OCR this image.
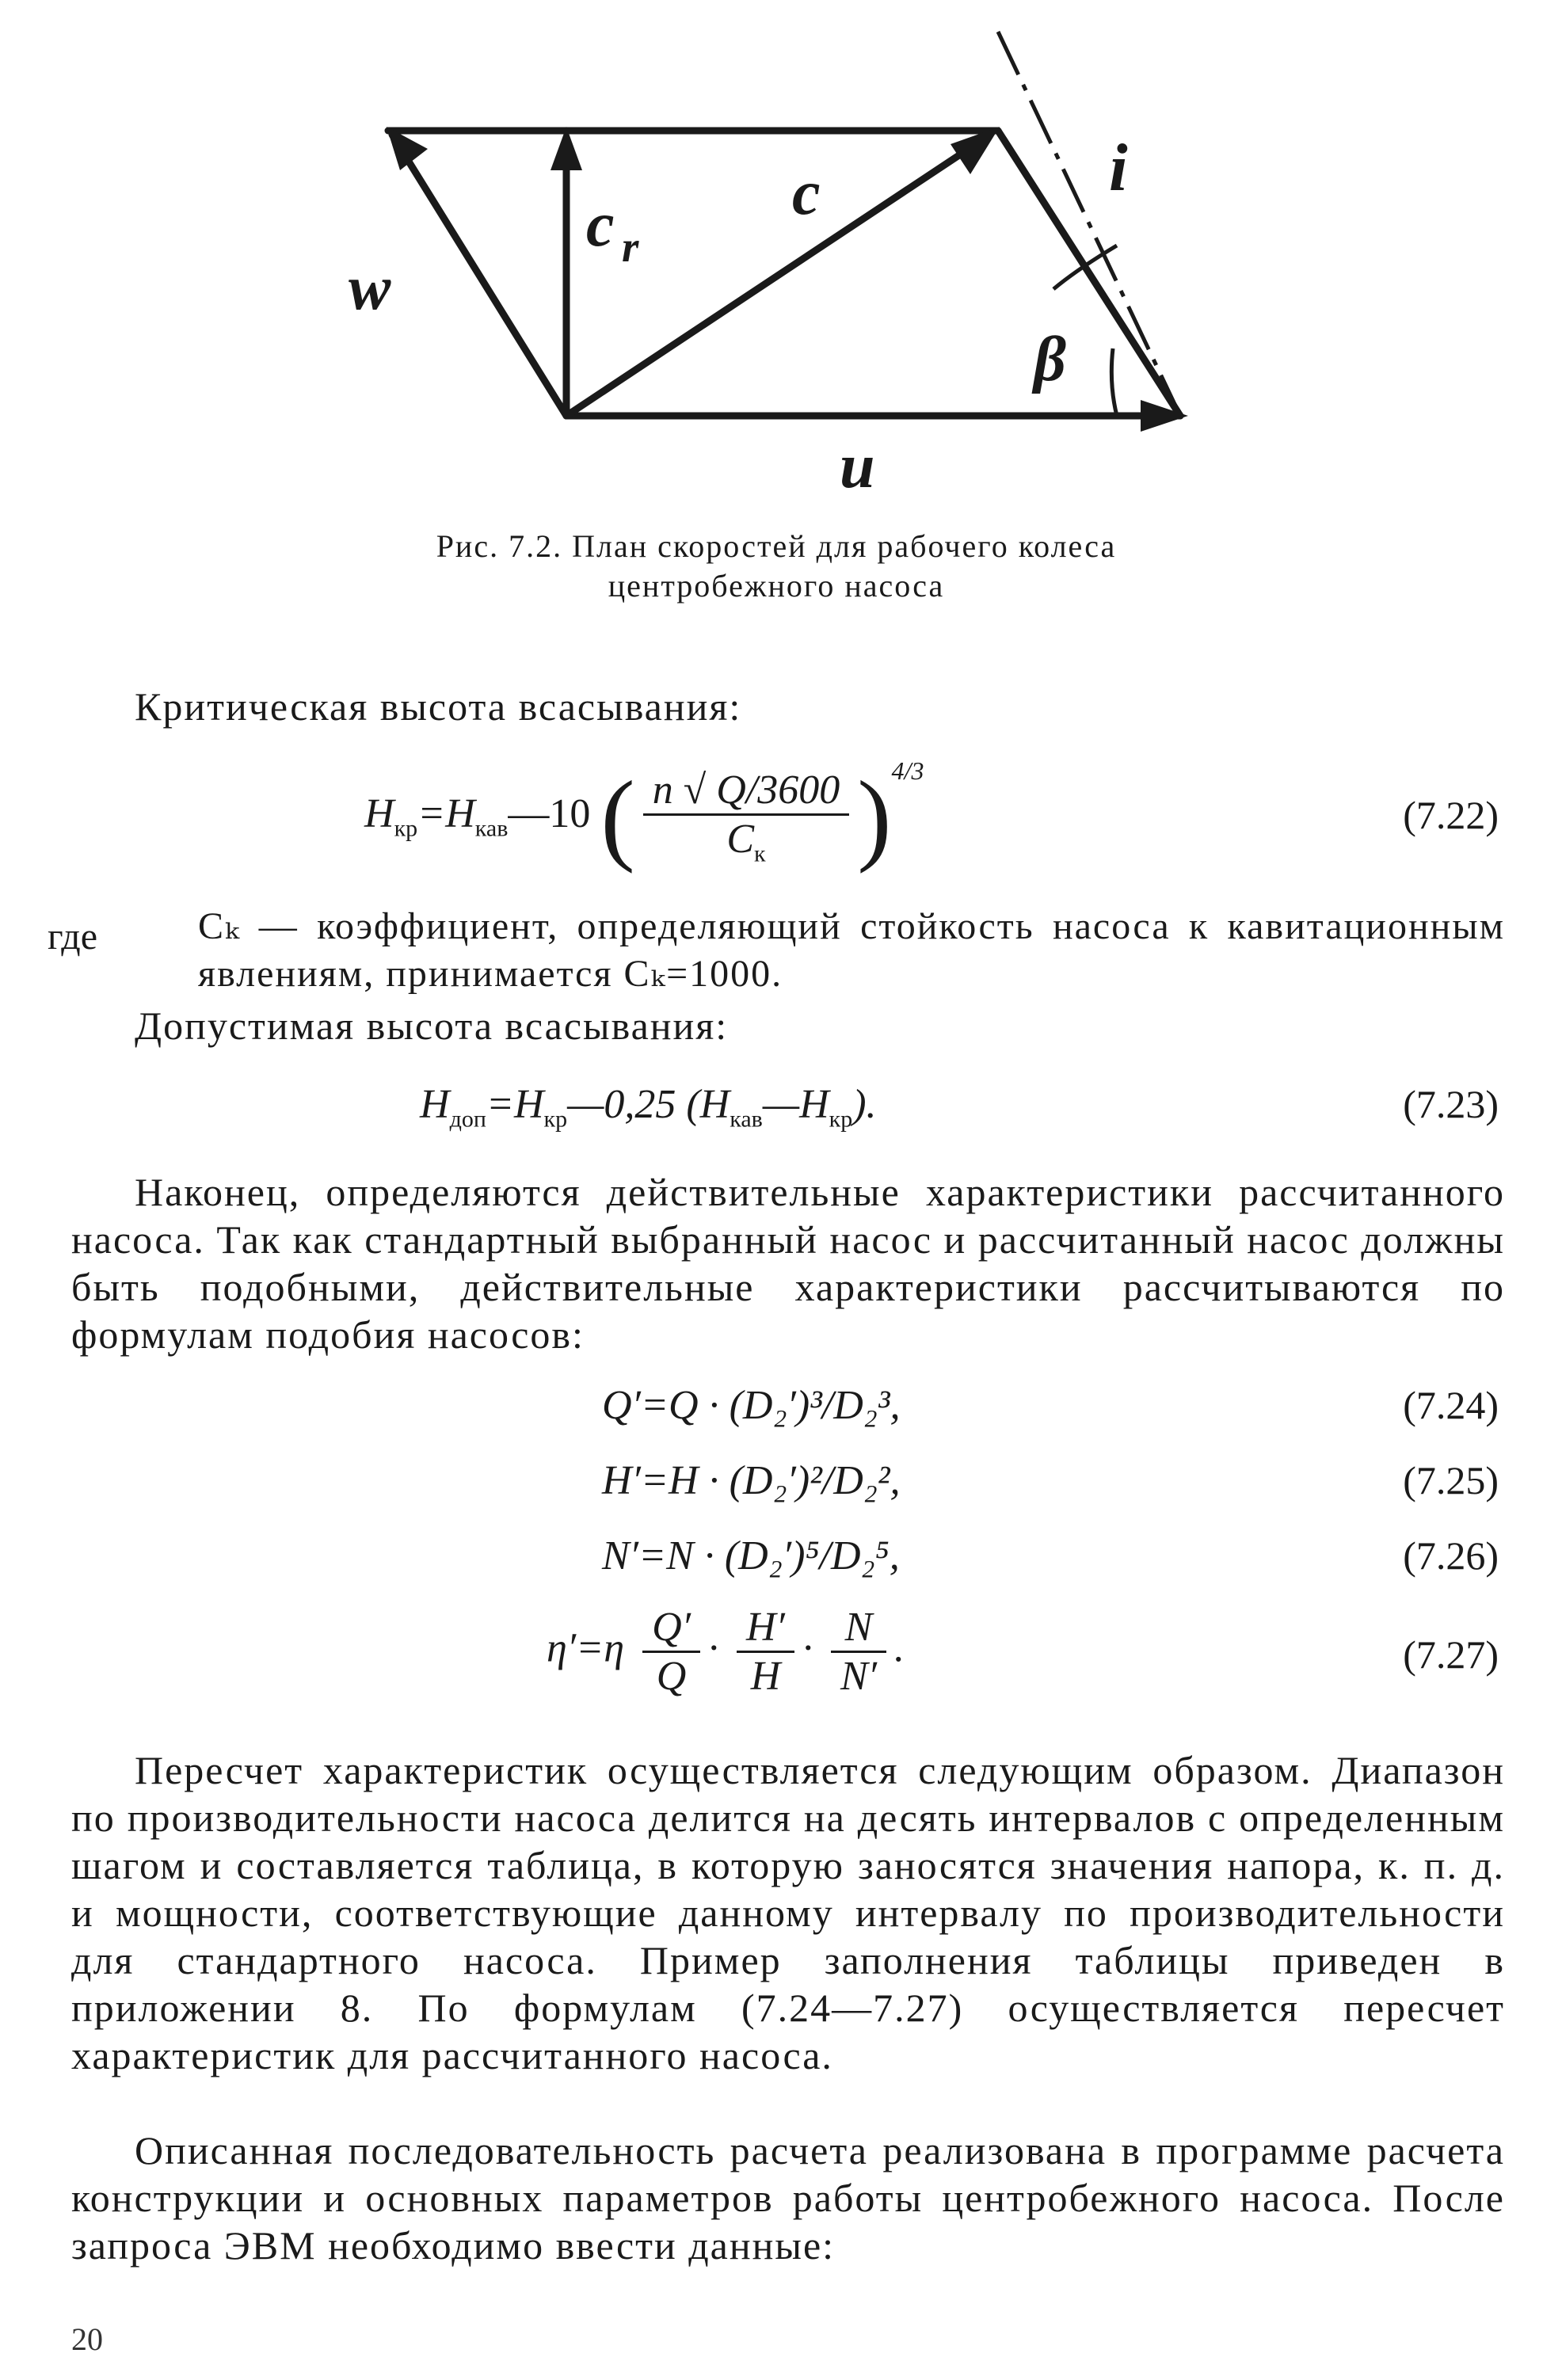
w
c r
c	i
β
u
Рис. 7.2. План скоростей для рабочего колеса
центробежного насоса
Критическая высота всасывания:
$H_{кр}=H_{кав}—10$ ( $\frac{n √ Q/3600}{C_к} )^{4/3}$
(7.22)
где	Cₖ — коэффициент, определяющий стойкость насоса к кавитационным явлениям, принимается Cₖ=1000.
Допустимая высота всасывания:
$H_{доп}=H_{кр}—0,25$ $(H_{кав}—H_{кр})$.	(7.23)
Наконец, определяются действительные характеристики рассчитанного насоса. Так как стандартный выбранный насос и рассчитанный насос должны быть подобными, действительные характеристики рассчитываются по формулам подобия насосов:
Q′=Q · (D₂′)³/D₂³,	(7.24)
H′=H · (D₂′)²/D₂²,	(7.25)
N′=N · (D₂′)⁵/D₂⁵,	(7.26)
$\eta'=\eta \frac{Q'}{Q} \cdot \frac{H'}{H} \cdot \frac{N}{N'}$ .	(7.27)
Пересчет характеристик осуществляется следующим образом. Диапазон по производительности насоса делится на десять интервалов с определенным шагом и составляется таблица, в которую заносятся значения напора, к. п. д. и мощности, соответствующие данному интервалу по производительности для стандартного насоса. Пример заполнения таблицы приведен в приложении 8. По формулам (7.24—7.27) осуществляется пересчет характеристик для рассчитанного насоса.
Описанная последовательность расчета реализована в программе расчета конструкции и основных параметров работы центробежного насоса. После запроса ЭВМ необходимо ввести данные:
20
